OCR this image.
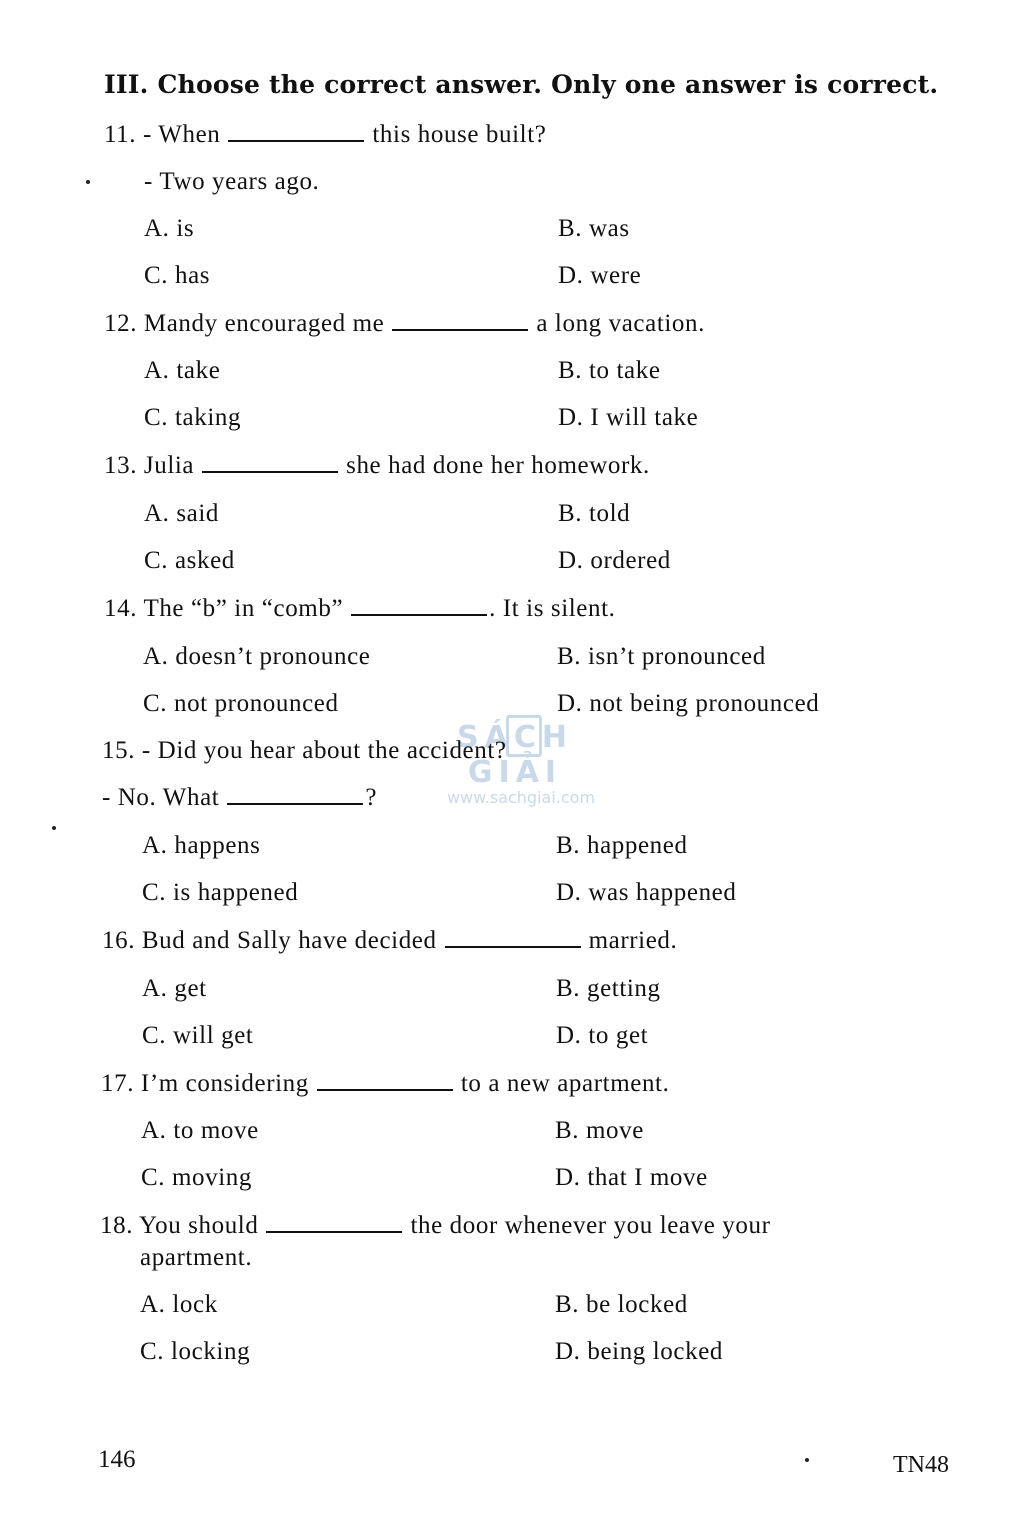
III. Choose the correct answer. Only one answer is correct.
11. - When	this house built?
- Two years ago.
A. is	B. was
C. has	D. were
12. Mandy encouraged me	a long vacation.
A. take	B. to take
C. taking	D. I will take
13. Julia	she had done her homework.
A. said	B. told
C. asked	D. ordered
14. The “b” in “comb”	. It is silent.
A. doesn’t pronounce	B. isn’t pronounced
C. not pronounced	D. not being pronounced
SÁCH GIẢI
www.sachgiai.com
15. - Did you hear about the accident?
- No. What	?
A. happens	B. happened
C. is happened	D. was happened
16. Bud and Sally have decided	married.
A. get	B. getting
C. will get	D. to get
17. I’m considering	to a new apartment.
A. to move	B. move
C. moving	D. that I move
18. You should	the door whenever you leave your
apartment.
A. lock	B. be locked
C. locking	D. being locked
146	TN48
